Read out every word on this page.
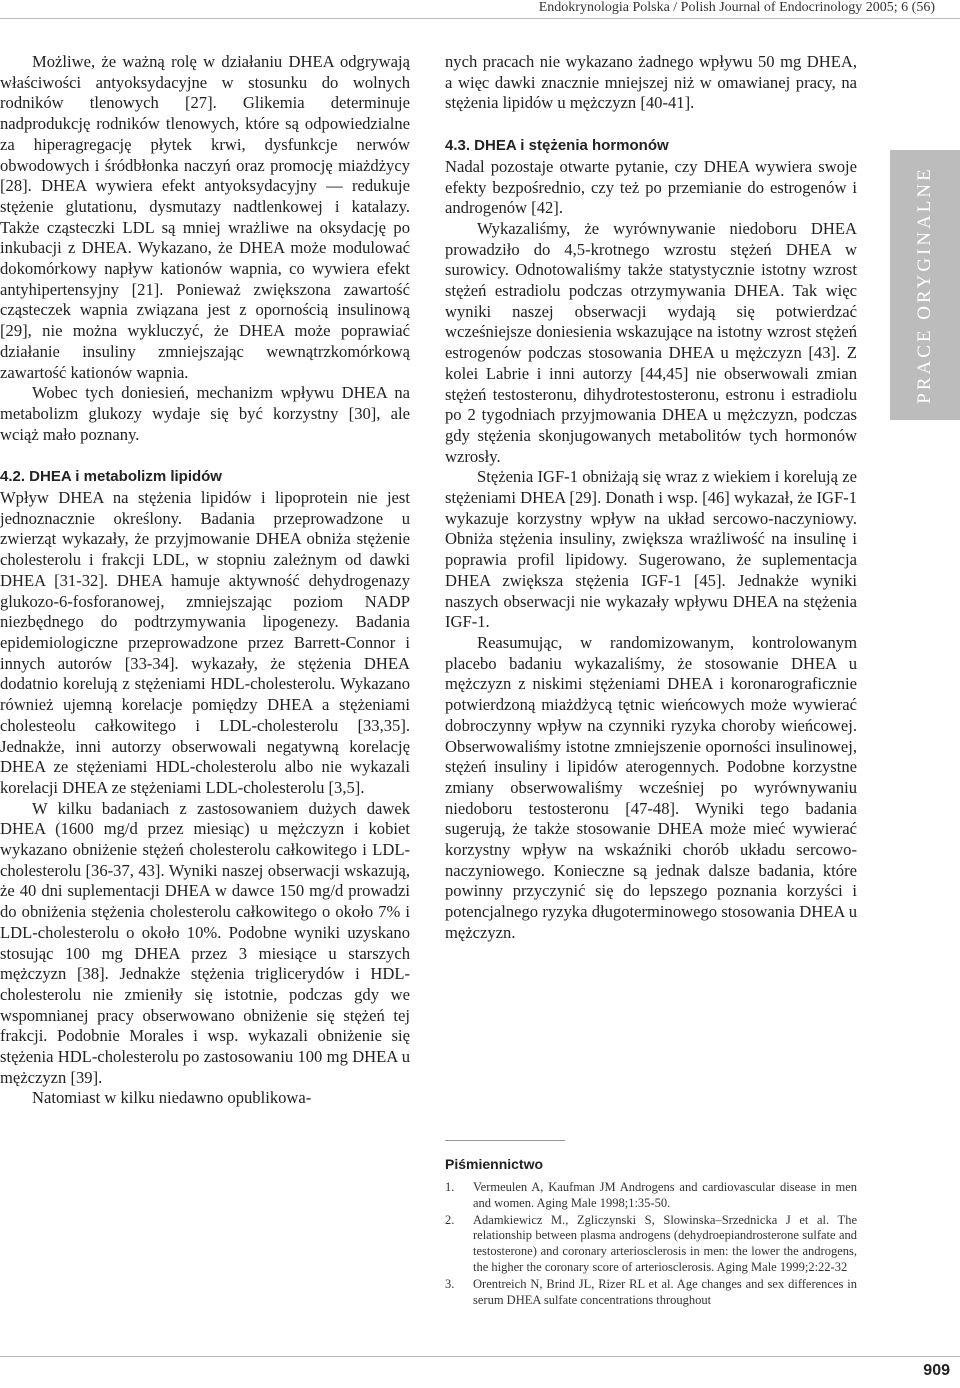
Endokrynologia Polska / Polish Journal of Endocrinology 2005; 6 (56)

Możliwe, że ważną rolę w działaniu DHEA odgrywają właściwości antyoksydacyjne w stosunku do wolnych rodników tlenowych [27]. Glikemia determinuje nadprodukcję rodników tlenowych, które są odpowiedzialne za hiperagregację płytek krwi, dysfunkcje nerwów obwodowych i śródbłonka naczyń oraz promocję miażdżycy [28]. DHEA wywiera efekt antyoksydacyjny — redukuje stężenie glutationu, dysmutazy nadtlenkowej i katalazy. Także cząsteczki LDL są mniej wrażliwe na oksydację po inkubacji z DHEA. Wykazano, że DHEA może modulować dokomórkowy napływ kationów wapnia, co wywiera efekt antyhipertensyjny [21]. Ponieważ zwiększona zawartość cząsteczek wapnia związana jest z opornością insulinową [29], nie można wykluczyć, że DHEA może poprawiać działanie insuliny zmniejszając wewnątrzkomórkową zawartość kationów wapnia.

Wobec tych doniesień, mechanizm wpływu DHEA na metabolizm glukozy wydaje się być korzystny [30], ale wciąż mało poznany.

4.2. DHEA i metabolizm lipidów

Wpływ DHEA na stężenia lipidów i lipoprotein nie jest jednoznacznie określony. Badania przeprowadzone u zwierząt wykazały, że przyjmowanie DHEA obniża stężenie cholesterolu i frakcji LDL, w stopniu zależnym od dawki DHEA [31-32]. DHEA hamuje aktywność dehydrogenazy glukozo-6-fosforanowej, zmniejszając poziom NADP niezbędnego do podtrzymywania lipogenezy. Badania epidemiologiczne przeprowadzone przez Barrett-Connor i innych autorów [33-34]. wykazały, że stężenia DHEA dodatnio korelują z stężeniami HDL-cholesterolu. Wykazano również ujemną korelacje pomiędzy DHEA a stężeniami cholesteolu całkowitego i LDL-cholesterolu [33,35]. Jednakże, inni autorzy obserwowali negatywną korelację DHEA ze stężeniami HDL-cholesterolu albo nie wykazali korelacji DHEA ze stężeniami LDL-cholesterolu [3,5].

W kilku badaniach z zastosowaniem dużych dawek DHEA (1600 mg/d przez miesiąc) u mężczyzn i kobiet wykazano obniżenie stężeń cholesterolu całkowitego i LDL-cholesterolu [36-37, 43]. Wyniki naszej obserwacji wskazują, że 40 dni suplementacji DHEA w dawce 150 mg/d prowadzi do obniżenia stężenia cholesterolu całkowitego o około 7% i LDL-cholesterolu o około 10%. Podobne wyniki uzyskano stosując 100 mg DHEA przez 3 miesiące u starszych mężczyzn [38]. Jednakże stężenia triglicerydów i HDL-cholesterolu nie zmieniły się istotnie, podczas gdy we wspomnianej pracy obserwowano obniżenie się stężeń tej frakcji. Podobnie Morales i wsp. wykazali obniżenie się stężenia HDL-cholesterolu po zastosowaniu 100 mg DHEA u mężczyzn [39].

Natomiast w kilku niedawno opublikowa-

nych pracach nie wykazano żadnego wpływu 50 mg DHEA, a więc dawki znacznie mniejszej niż w omawianej pracy, na stężenia lipidów u mężczyzn [40-41].

4.3. DHEA i stężenia hormonów

Nadal pozostaje otwarte pytanie, czy DHEA wywiera swoje efekty bezpośrednio, czy też po przemianie do estrogenów i androgenów [42].

Wykazaliśmy, że wyrównywanie niedoboru DHEA prowadziło do 4,5-krotnego wzrostu stężeń DHEA w surowicy. Odnotowaliśmy także statystycznie istotny wzrost stężeń estradiolu podczas otrzymywania DHEA. Tak więc wyniki naszej obserwacji wydają się potwierdzać wcześniejsze doniesienia wskazujące na istotny wzrost stężeń estrogenów podczas stosowania DHEA u mężczyzn [43]. Z kolei Labrie i inni autorzy [44,45] nie obserwowali zmian stężeń testosteronu, dihydrotestosteronu, estronu i estradiolu po 2 tygodniach przyjmowania DHEA u mężczyzn, podczas gdy stężenia skonjugowanych metabolitów tych hormonów wzrosły.

Stężenia IGF-1 obniżają się wraz z wiekiem i korelują ze stężeniami DHEA [29]. Donath i wsp. [46] wykazał, że IGF-1 wykazuje korzystny wpływ na układ sercowo-naczyniowy. Obniża stężenia insuliny, zwiększa wrażliwość na insulinę i poprawia profil lipidowy. Sugerowano, że suplementacja DHEA zwiększa stężenia IGF-1 [45]. Jednakże wyniki naszych obserwacji nie wykazały wpływu DHEA na stężenia IGF-1.

Reasumując, w randomizowanym, kontrolowanym placebo badaniu wykazaliśmy, że stosowanie DHEA u mężczyzn z niskimi stężeniami DHEA i koronarograficznie potwierdzoną miażdżycą tętnic wieńcowych może wywierać dobroczynny wpływ na czynniki ryzyka choroby wieńcowej. Obserwowaliśmy istotne zmniejszenie oporności insulinowej, stężeń insuliny i lipidów aterogennych. Podobne korzystne zmiany obserwowaliśmy wcześniej po wyrównywaniu niedoboru testosteronu [47-48]. Wyniki tego badania sugerują, że także stosowanie DHEA może mieć wywierać korzystny wpływ na wskaźniki chorób układu sercowo-naczyniowego. Konieczne są jednak dalsze badania, które powinny przyczynić się do lepszego poznania korzyści i potencjalnego ryzyka długoterminowego stosowania DHEA u mężczyzn.

Piśmiennictwo
1.	Vermeulen A, Kaufman JM Androgens and cardiovascular disease in men and women. Aging Male 1998;1:35-50.
2.	Adamkiewicz M., Zgliczynski S, Slowinska–Srzednicka J et al. The relationship between plasma androgens (dehydroepiandrosterone sulfate and testosterone) and coronary arteriosclerosis in men: the lower the androgens, the higher the coronary score of arteriosclerosis. Aging Male 1999;2:22-32
3.	Orentreich N, Brind JL, Rizer RL et al. Age changes and sex differences in serum DHEA sulfate concentrations throughout
PRACE ORYGINALNE
909
